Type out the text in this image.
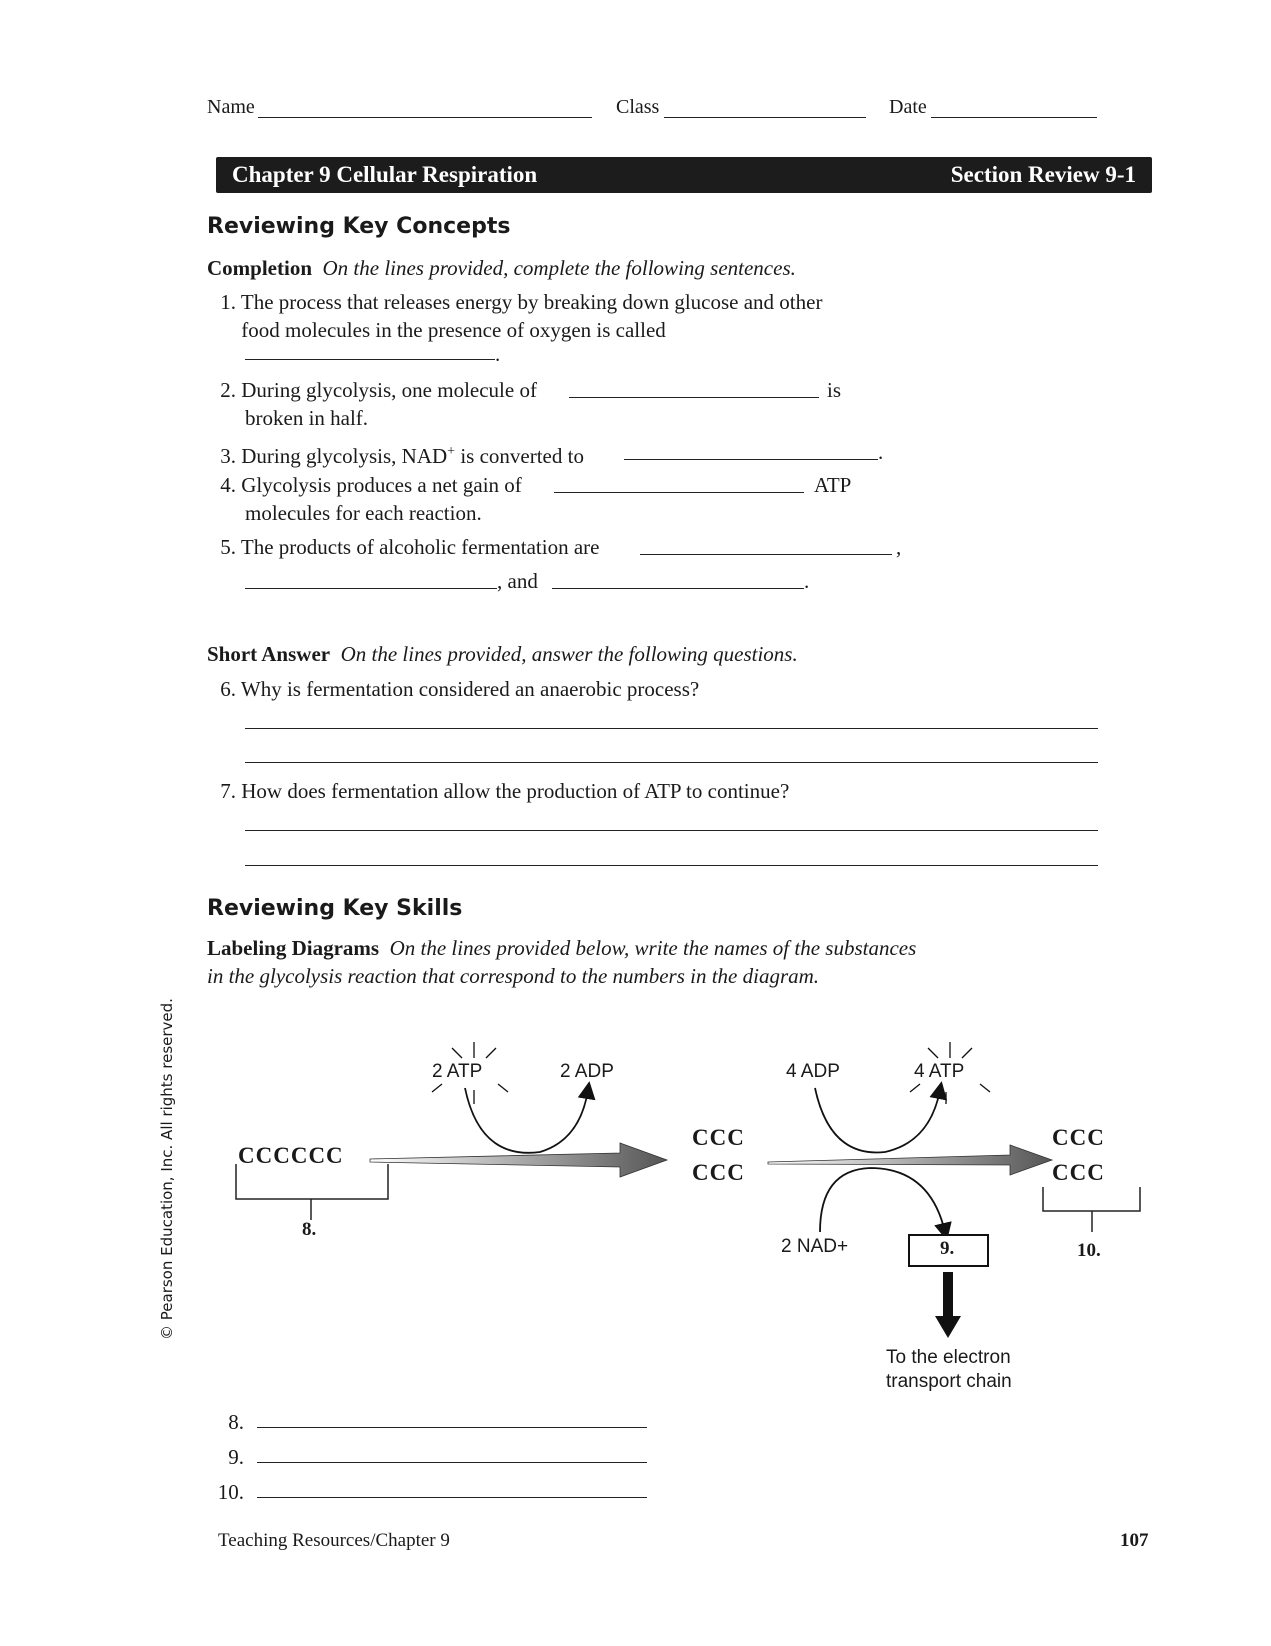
Name	Class	Date
Chapter 9 Cellular Respiration	Section Review 9-1
Reviewing Key Concepts
Completion On the lines provided, complete the following sentences.
1. The process that releases energy by breaking down glucose and other
food molecules in the presence of oxygen is called
.
2. During glycolysis, one molecule of	is
broken in half.
3. During glycolysis, NAD+ is converted to	.
4. Glycolysis produces a net gain of	ATP
molecules for each reaction.
5. The products of alcoholic fermentation are	,
, and	.
Short Answer On the lines provided, answer the following questions.
6. Why is fermentation considered an anaerobic process?
7. How does fermentation allow the production of ATP to continue?
Reviewing Key Skills
Labeling Diagrams On the lines provided below, write the names of the substances
in the glycolysis reaction that correspond to the numbers in the diagram.
2 ATP	2 ADP	4 ADP	4 ATP
2 NAD+
CCCCCC
CCC
CCC
CCC
CCC
8.
9.	10.
To the electron
transport chain
8.
9.
10.
Teaching Resources/Chapter 9	107
© Pearson Education, Inc. All rights reserved.
